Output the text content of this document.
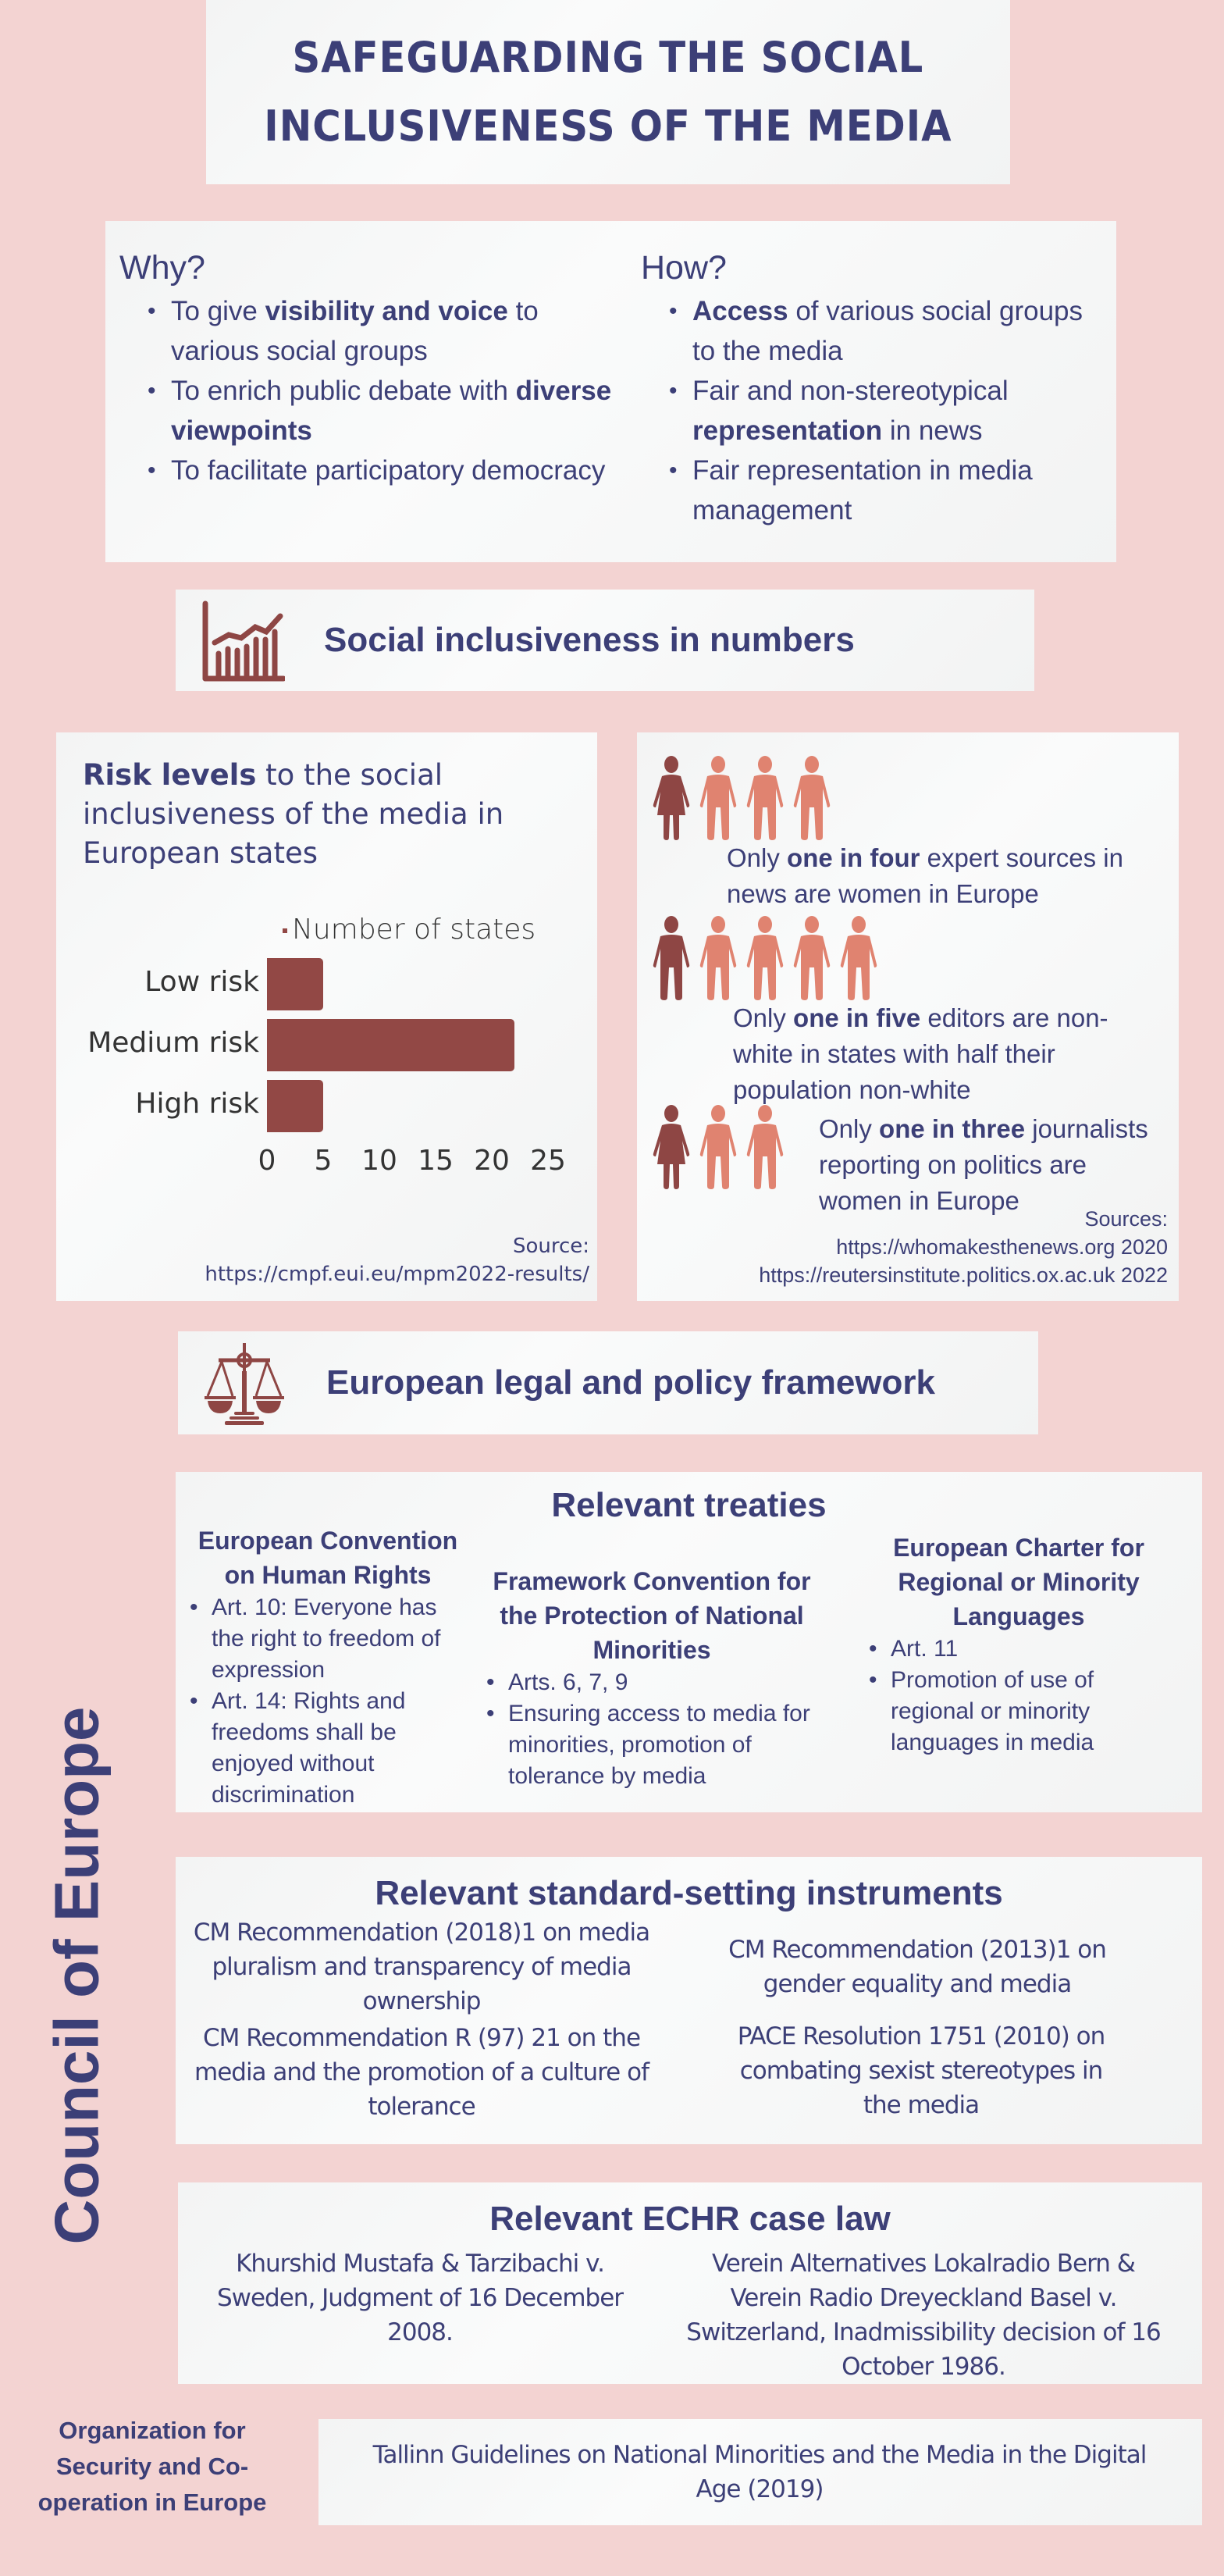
SAFEGUARDING THE SOCIAL
INCLUSIVENESS OF THE MEDIA
Why?
• To give visibility and voice to various social groups
• To enrich public debate with diverse viewpoints
• To facilitate participatory democracy
How?
• Access of various social groups to the media
• Fair and non-stereotypical representation in news
• Fair representation in media management
Social inclusiveness in numbers
Risk levels to the social inclusiveness of the media in European states
Number of states
Low risk
Medium risk
High risk
0 5 10 15 20 25
Source:
https://cmpf.eui.eu/mpm2022-results/
Only one in four expert sources in news are women in Europe
Only one in five editors are non-white in states with half their population non-white
Only one in three journalists reporting on politics are women in Europe
Sources:
https://whomakesthenews.org 2020
https://reutersinstitute.politics.ox.ac.uk 2022
European legal and policy framework
Council of Europe
Relevant treaties
European Convention on Human Rights
• Art. 10: Everyone has the right to freedom of expression
• Art. 14: Rights and freedoms shall be enjoyed without discrimination
Framework Convention for the Protection of National Minorities
• Arts. 6, 7, 9
• Ensuring access to media for minorities, promotion of tolerance by media
European Charter for Regional or Minority Languages
• Art. 11
• Promotion of use of regional or minority languages in media
Relevant standard-setting instruments
CM Recommendation (2018)1 on media pluralism and transparency of media ownership
CM Recommendation (2013)1 on gender equality and media
CM Recommendation R (97) 21 on the media and the promotion of a culture of tolerance
PACE Resolution 1751 (2010) on combating sexist stereotypes in the media
Relevant ECHR case law
Khurshid Mustafa & Tarzibachi v. Sweden, Judgment of 16 December 2008.
Verein Alternatives Lokalradio Bern & Verein Radio Dreyeckland Basel v. Switzerland, Inadmissibility decision of 16 October 1986.
Organization for Security and Co-operation in Europe
Tallinn Guidelines on National Minorities and the Media in the Digital Age (2019)
